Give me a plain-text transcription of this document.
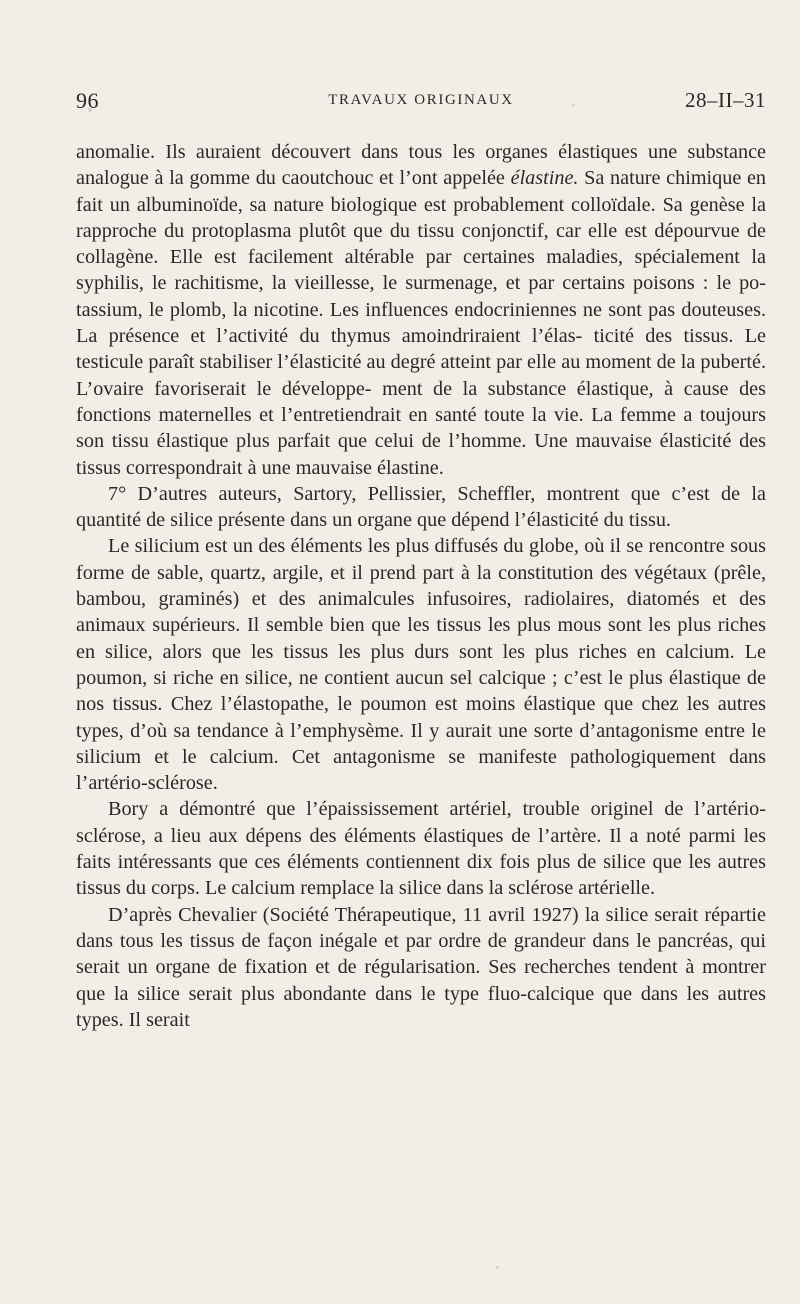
96	TRAVAUX ORIGINAUX	28–II–31

anomalie. Ils auraient découvert dans tous les organes élastiques une substance analogue à la gomme du caoutchouc et l’ont appelée élastine. Sa nature chimique en fait un albuminoïde, sa nature biologique est probablement colloïdale. Sa genèse la rapproche du protoplasma plutôt que du tissu conjonctif, car elle est dépourvue de collagène. Elle est facilement altérable par certaines maladies, spécialement la syphilis, le rachitisme, la vieillesse, le surmenage, et par certains poisons : le po- tassium, le plomb, la nicotine. Les influences endocriniennes ne sont pas douteuses. La présence et l’activité du thymus amoindriraient l’élas- ticité des tissus. Le testicule paraît stabiliser l’élasticité au degré atteint par elle au moment de la puberté. L’ovaire favoriserait le développe- ment de la substance élastique, à cause des fonctions maternelles et l’entretiendrait en santé toute la vie. La femme a toujours son tissu élastique plus parfait que celui de l’homme. Une mauvaise élasticité des tissus correspondrait à une mauvaise élastine.

7° D’autres auteurs, Sartory, Pellissier, Scheffler, montrent que c’est de la quantité de silice présente dans un organe que dépend l’élasticité du tissu.

Le silicium est un des éléments les plus diffusés du globe, où il se rencontre sous forme de sable, quartz, argile, et il prend part à la constitution des végétaux (prêle, bambou, graminés) et des animalcules infusoires, radiolaires, diatomés et des animaux supérieurs. Il semble bien que les tissus les plus mous sont les plus riches en silice, alors que les tissus les plus durs sont les plus riches en calcium. Le poumon, si riche en silice, ne contient aucun sel calcique ; c’est le plus élastique de nos tissus. Chez l’élastopathe, le poumon est moins élastique que chez les autres types, d’où sa tendance à l’emphysème. Il y aurait une sorte d’antagonisme entre le silicium et le calcium. Cet antagonisme se manifeste pathologiquement dans l’artério-sclérose.

Bory a démontré que l’épaississement artériel, trouble originel de l’artério-sclérose, a lieu aux dépens des éléments élastiques de l’artère. Il a noté parmi les faits intéressants que ces éléments contiennent dix fois plus de silice que les autres tissus du corps. Le calcium remplace la silice dans la sclérose artérielle.

D’après Chevalier (Société Thérapeutique, 11 avril 1927) la silice serait répartie dans tous les tissus de façon inégale et par ordre de grandeur dans le pancréas, qui serait un organe de fixation et de régularisation. Ses recherches tendent à montrer que la silice serait plus abondante dans le type fluo-calcique que dans les autres types. Il serait
